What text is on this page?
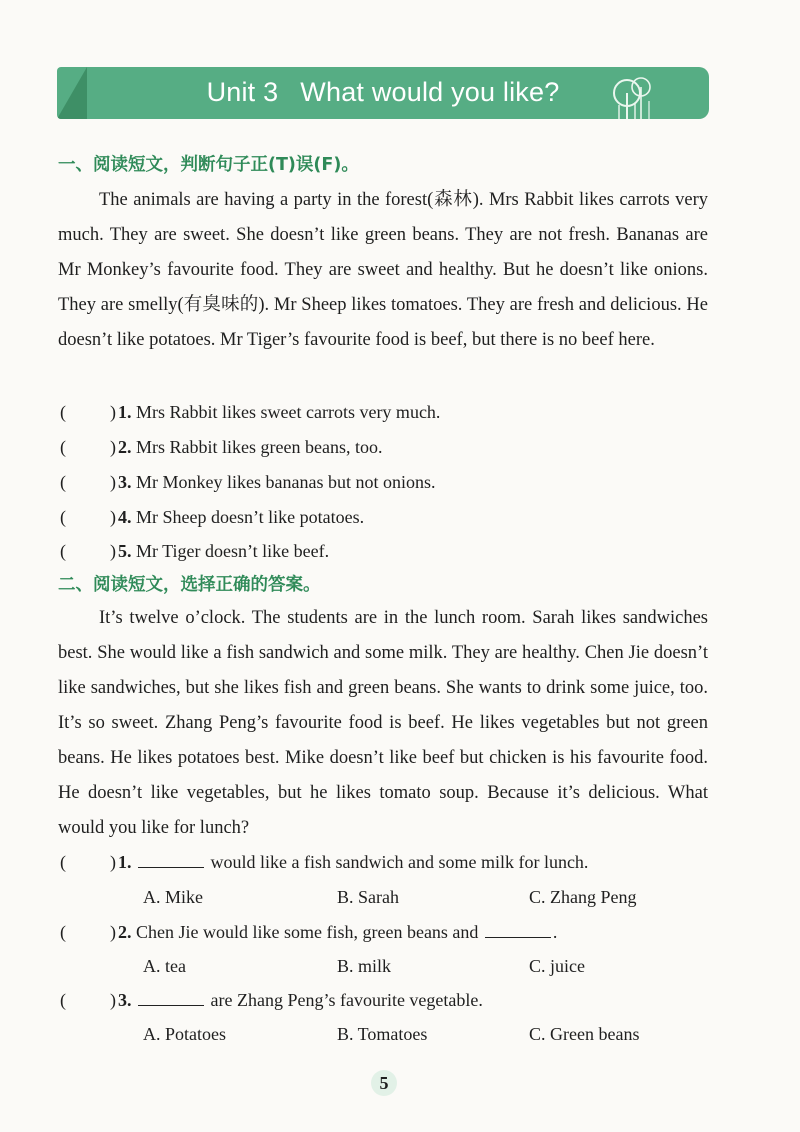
Unit 3 What would you like?
一、阅读短文，判断句子正(T)误(F)。

The animals are having a party in the forest(森林). Mrs Rabbit likes carrots very much. They are sweet. She doesn’t like green beans. They are not fresh. Bananas are Mr Monkey’s favourite food. They are sweet and healthy. But he doesn’t like onions. They are smelly(有臭味的). Mr Sheep likes tomatoes. They are fresh and delicious. He doesn’t like potatoes. Mr Tiger’s favourite food is beef, but there is no beef here.

( ) 1. Mrs Rabbit likes sweet carrots very much.
( ) 2. Mrs Rabbit likes green beans, too.
( ) 3. Mr Monkey likes bananas but not onions.
( ) 4. Mr Sheep doesn’t like potatoes.
( ) 5. Mr Tiger doesn’t like beef.
二、阅读短文，选择正确的答案。

It’s twelve o’clock. The students are in the lunch room. Sarah likes sandwiches best. She would like a fish sandwich and some milk. They are healthy. Chen Jie doesn’t like sandwiches, but she likes fish and green beans. She wants to drink some juice, too. It’s so sweet. Zhang Peng’s favourite food is beef. He likes vegetables but not green beans. He likes potatoes best. Mike doesn’t like beef but chicken is his favourite food. He doesn’t like vegetables, but he likes tomato soup. Because it’s delicious. What would you like for lunch?

( ) 1.	would like a fish sandwich and some milk for lunch.
A. Mike	B. Sarah	C. Zhang Peng
( ) 2. Chen Jie would like some fish, green beans and	.
A. tea	B. milk	C. juice
( ) 3.	are Zhang Peng’s favourite vegetable.
A. Potatoes	B. Tomatoes	C. Green beans
5
